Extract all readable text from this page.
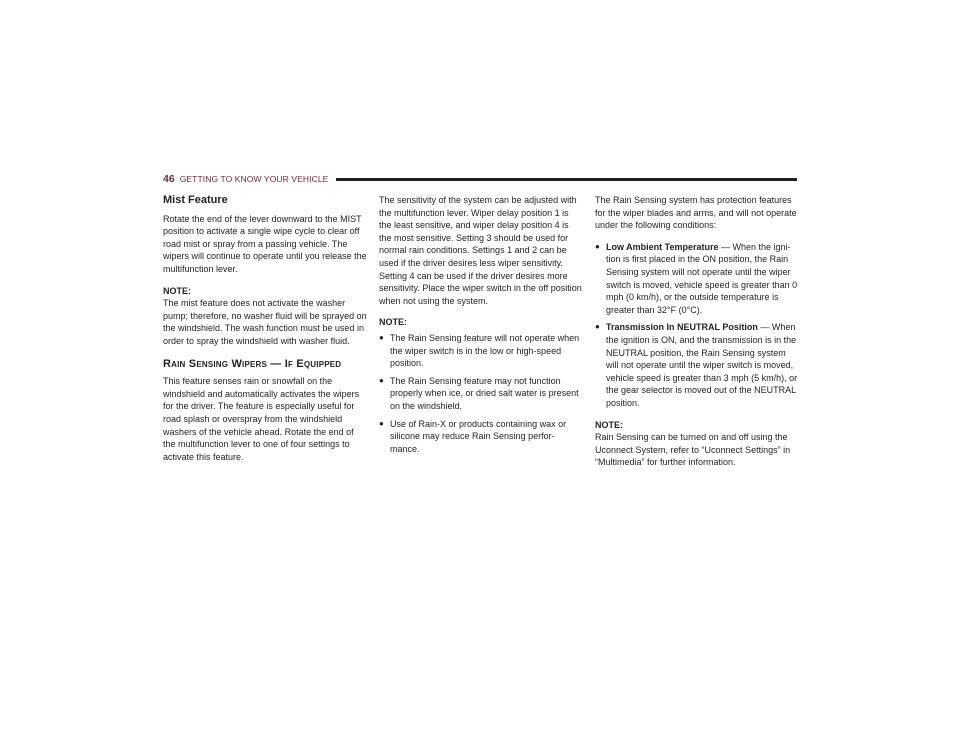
46 GETTING TO KNOW YOUR VEHICLE
Mist Feature

Rotate the end of the lever downward to the MIST position to activate a single wipe cycle to clear off road mist or spray from a passing vehicle. The wipers will continue to operate until you release the multifunction lever.

NOTE:
The mist feature does not activate the washer pump; therefore, no washer fluid will be sprayed on the windshield. The wash function must be used in order to spray the windshield with washer fluid.

Rain Sensing Wipers — If Equipped

This feature senses rain or snowfall on the windshield and automatically activates the wipers for the driver. The feature is especially useful for road splash or overspray from the windshield washers of the vehicle ahead. Rotate the end of the multifunction lever to one of four settings to activate this feature.

The sensitivity of the system can be adjusted with the multifunction lever. Wiper delay position 1 is the least sensitive, and wiper delay position 4 is the most sensitive. Setting 3 should be used for normal rain conditions. Settings 1 and 2 can be used if the driver desires less wiper sensitivity. Setting 4 can be used if the driver desires more sensitivity. Place the wiper switch in the off position when not using the system.

NOTE:
● The Rain Sensing feature will not operate when the wiper switch is in the low or high-speed position.
● The Rain Sensing feature may not function properly when ice, or dried salt water is present on the windshield.
● Use of Rain-X or products containing wax or silicone may reduce Rain Sensing perfor-mance.

The Rain Sensing system has protection features for the wiper blades and arms, and will not operate under the following conditions:

● Low Ambient Temperature — When the igni-tion is first placed in the ON position, the Rain Sensing system will not operate until the wiper switch is moved, vehicle speed is greater than 0 mph (0 km/h), or the outside temperature is greater than 32°F (0°C).
● Transmission In NEUTRAL Position — When the ignition is ON, and the transmission is in the NEUTRAL position, the Rain Sensing system will not operate until the wiper switch is moved, vehicle speed is greater than 3 mph (5 km/h), or the gear selector is moved out of the NEUTRAL position.

NOTE:
Rain Sensing can be turned on and off using the Uconnect System, refer to “Uconnect Settings” in “Multimedia” for further information.
